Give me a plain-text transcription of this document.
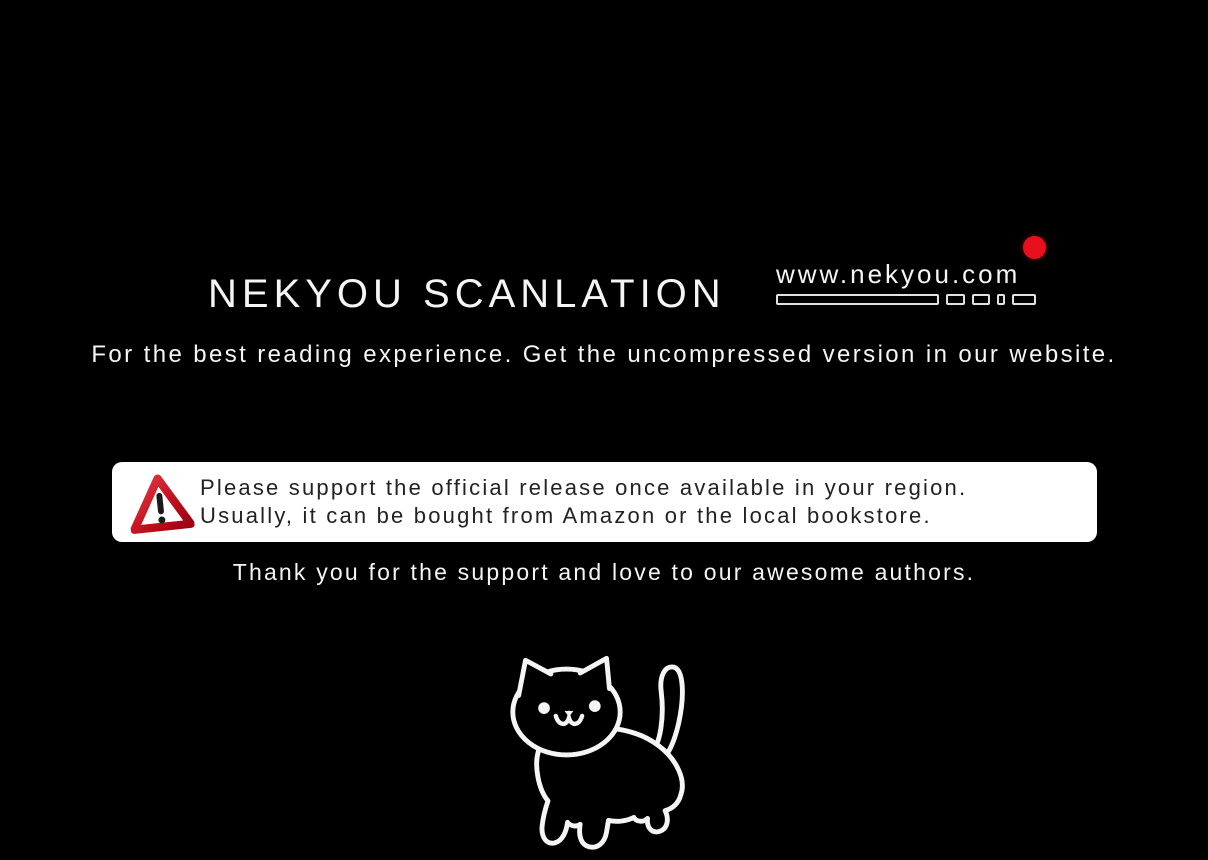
NEKYOU SCANLATION www.nekyou.com
For the best reading experience. Get the uncompressed version in our website.
Please support the official release once available in your region.
Usually, it can be bought from Amazon or the local bookstore.
Thank you for the support and love to our awesome authors.
